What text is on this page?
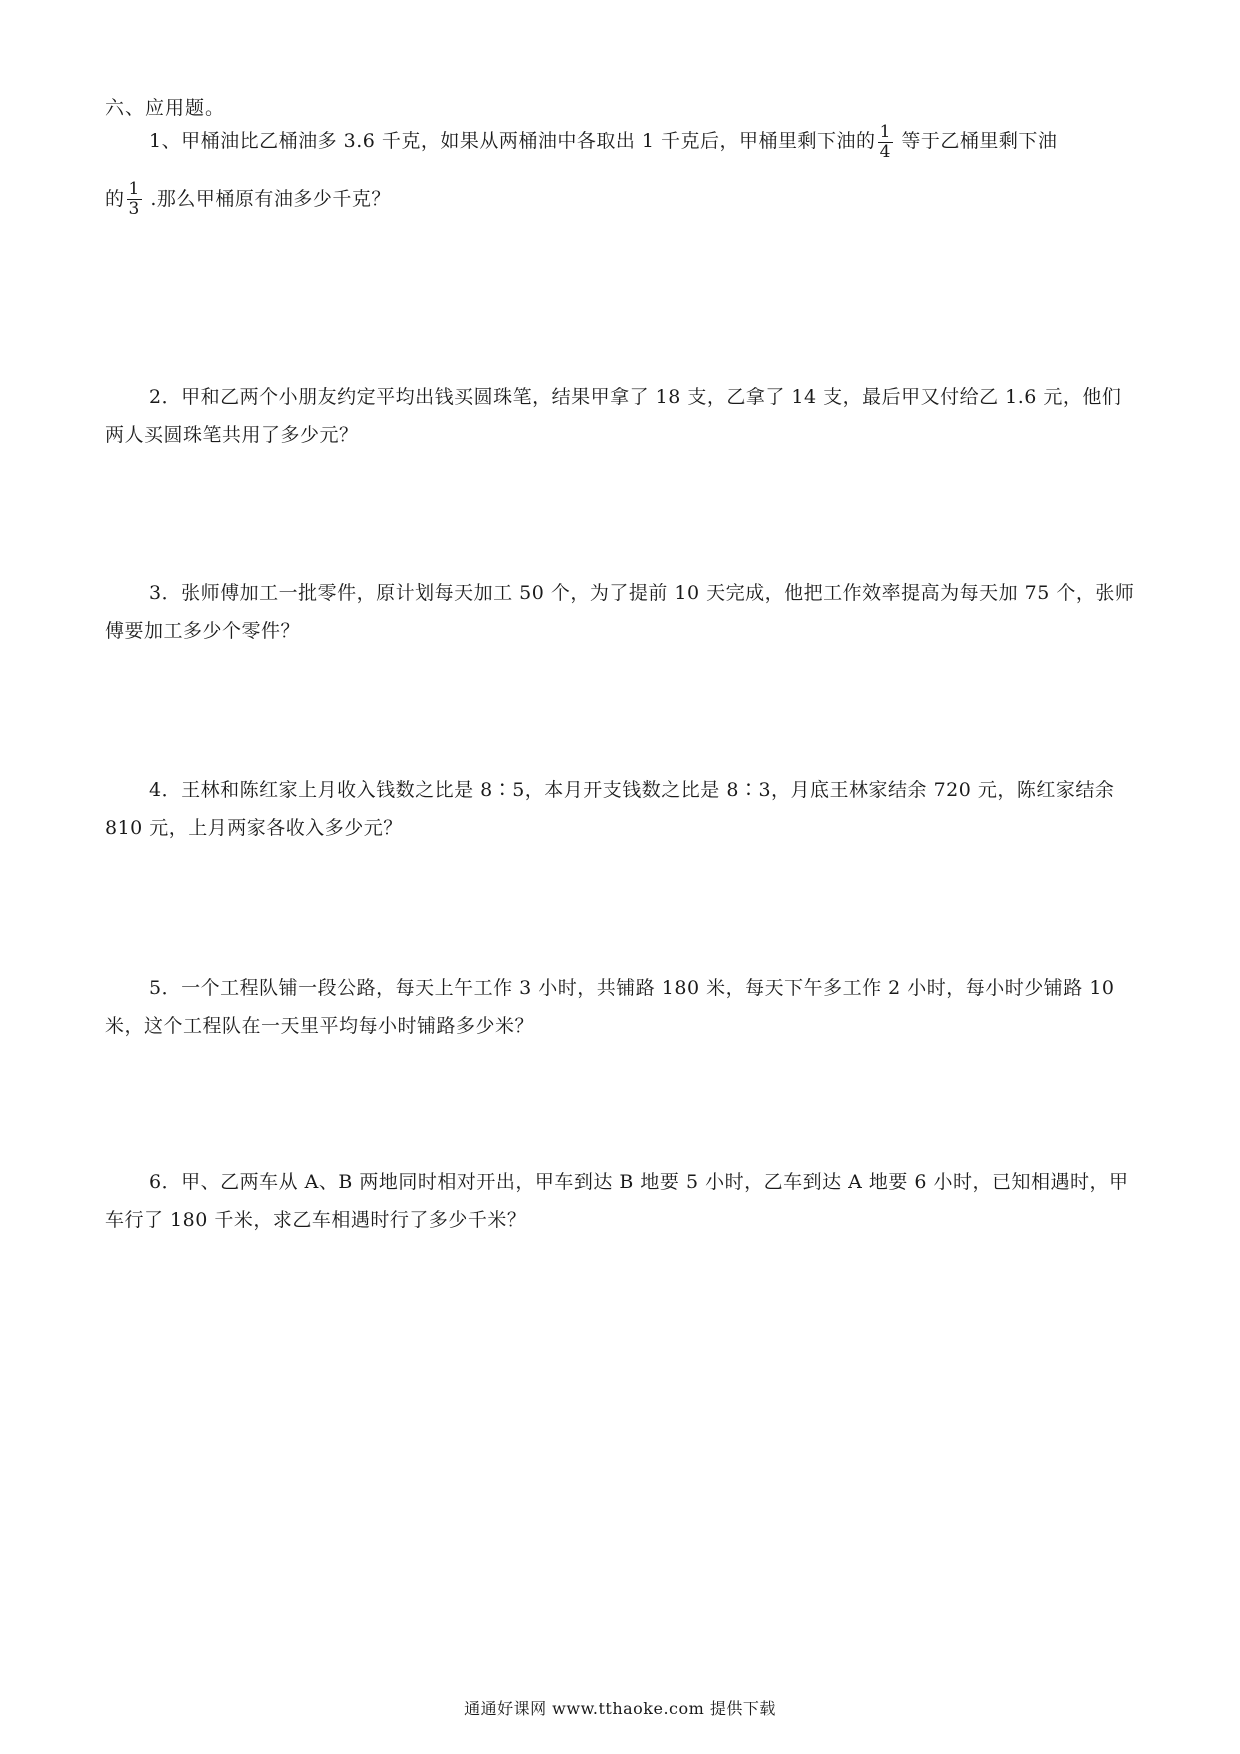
六、应用题。
1、甲桶油比乙桶油多 3.6 千克，如果从两桶油中各取出 1 千克后，甲桶里剩下油的 $\frac{1}{4}$ 等于乙桶里剩下油
的 $\frac{1}{3}$ .那么甲桶原有油多少千克？
2．甲和乙两个小朋友约定平均出钱买圆珠笔，结果甲拿了 18 支，乙拿了 14 支，最后甲又付给乙 1.6 元，他们两人买圆珠笔共用了多少元？
3．张师傅加工一批零件，原计划每天加工 50 个，为了提前 10 天完成，他把工作效率提高为每天加 75 个，张师傅要加工多少个零件？
4．王林和陈红家上月收入钱数之比是 8∶5，本月开支钱数之比是 8∶3，月底王林家结余 720 元，陈红家结余 810 元，上月两家各收入多少元？
5．一个工程队铺一段公路，每天上午工作 3 小时，共铺路 180 米，每天下午多工作 2 小时，每小时少铺路 10 米，这个工程队在一天里平均每小时铺路多少米？
6．甲、乙两车从 A、B 两地同时相对开出，甲车到达 B 地要 5 小时，乙车到达 A 地要 6 小时，已知相遇时，甲车行了 180 千米，求乙车相遇时行了多少千米？
通通好课网 www.tthaoke.com 提供下载
